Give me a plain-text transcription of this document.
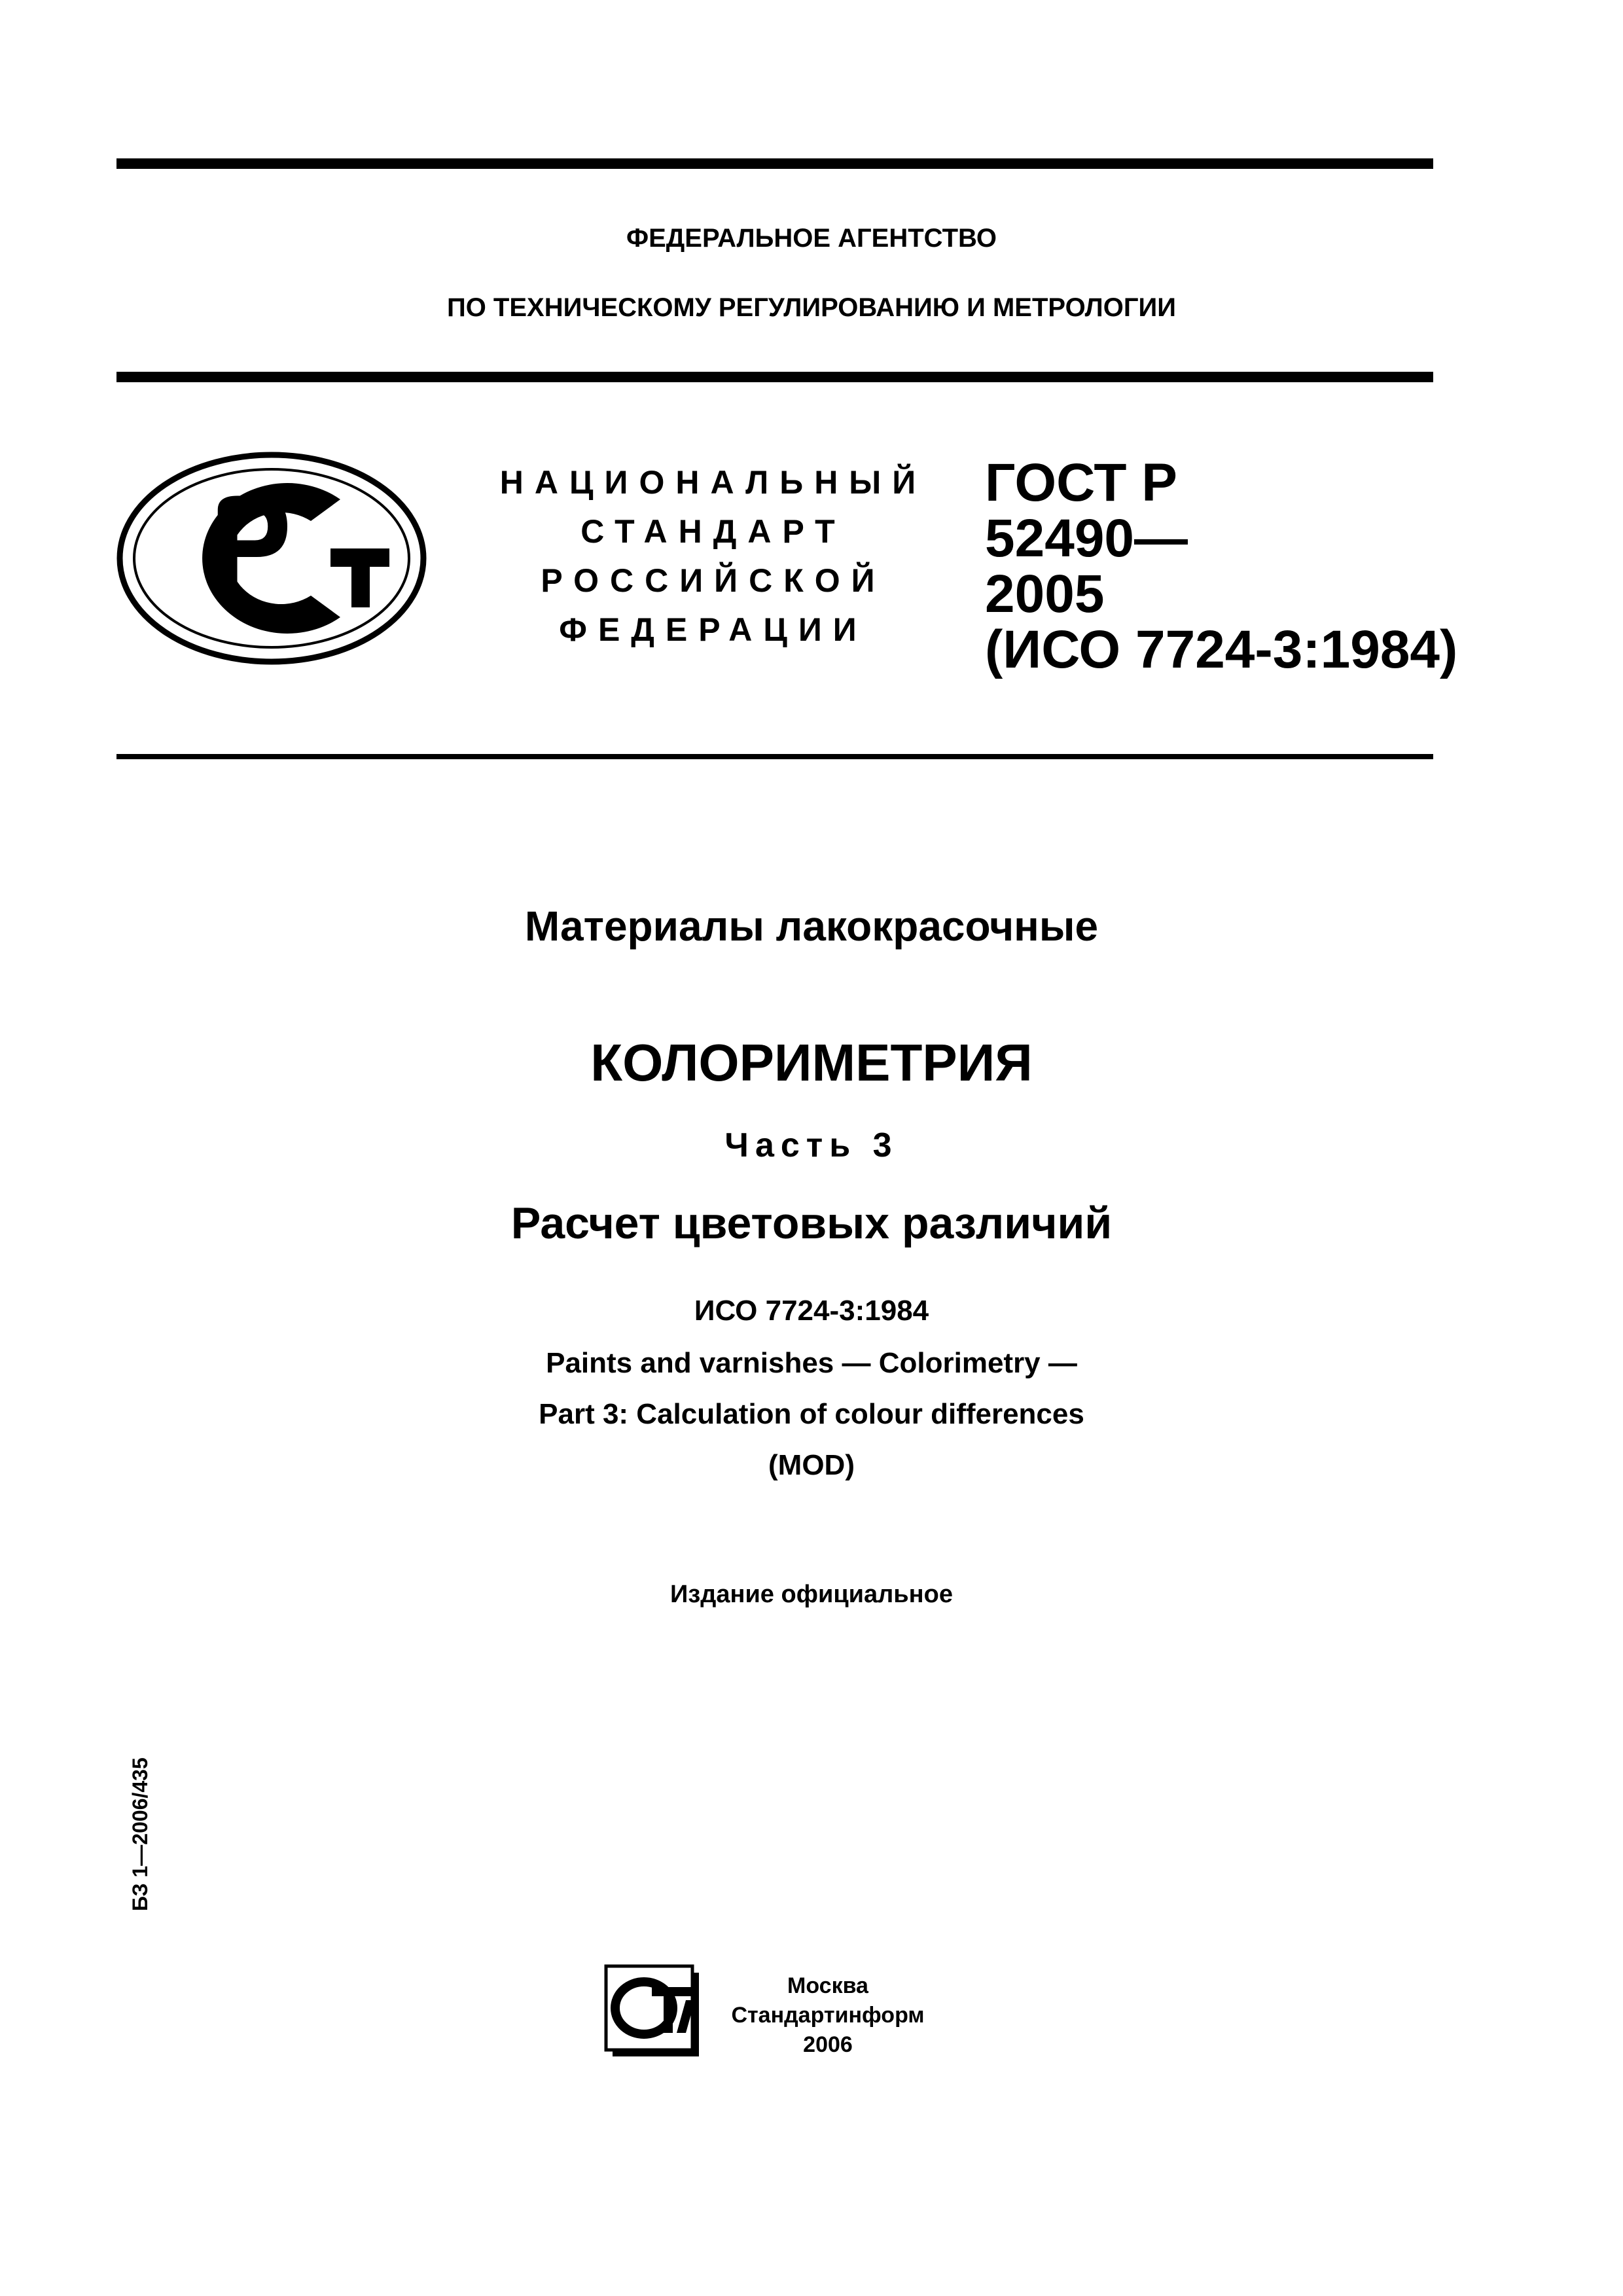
ФЕДЕРАЛЬНОЕ АГЕНТСТВО
ПО ТЕХНИЧЕСКОМУ РЕГУЛИРОВАНИЮ И МЕТРОЛОГИИ
НАЦИОНАЛЬНЫЙ
СТАНДАРТ
РОССИЙСКОЙ
ФЕДЕРАЦИИ
ГОСТ Р
52490—
2005
(ИСО 7724-3:1984)
Материалы лакокрасочные
КОЛОРИМЕТРИЯ
Часть 3
Расчет цветовых различий
ИСО 7724-3:1984
Paints and varnishes — Colorimetry —
Part 3: Calculation of colour differences
(MOD)
Издание официальное
БЗ 1—2006/435
Москва
Стандартинформ
2006
